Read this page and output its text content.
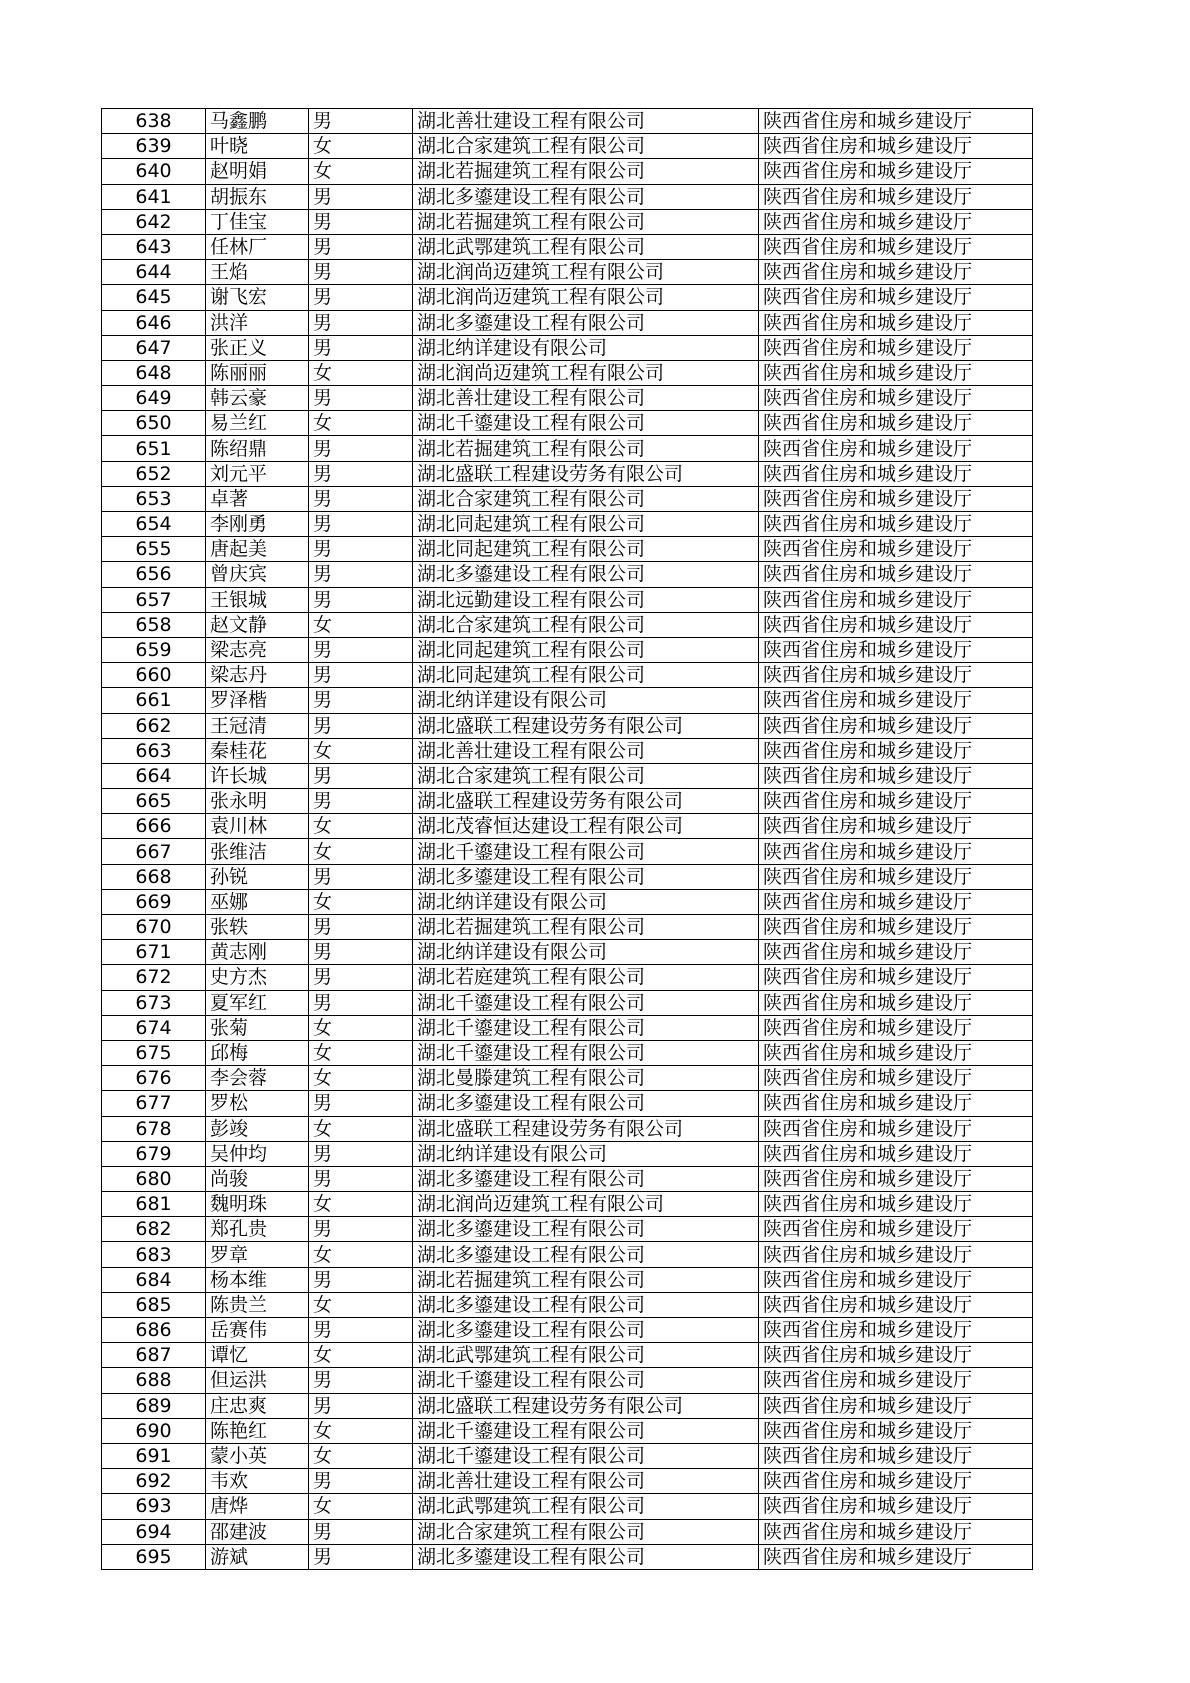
638	马鑫鹏	男	湖北善壮建设工程有限公司	陕西省住房和城乡建设厅
639	叶晓	女	湖北合家建筑工程有限公司	陕西省住房和城乡建设厅
640	赵明娟	女	湖北若掘建筑工程有限公司	陕西省住房和城乡建设厅
641	胡振东	男	湖北多鎏建设工程有限公司	陕西省住房和城乡建设厅
642	丁佳宝	男	湖北若掘建筑工程有限公司	陕西省住房和城乡建设厅
643	任林厂	男	湖北武鄂建筑工程有限公司	陕西省住房和城乡建设厅
644	王焰	男	湖北润尚迈建筑工程有限公司	陕西省住房和城乡建设厅
645	谢飞宏	男	湖北润尚迈建筑工程有限公司	陕西省住房和城乡建设厅
646	洪洋	男	湖北多鎏建设工程有限公司	陕西省住房和城乡建设厅
647	张正义	男	湖北纳详建设有限公司	陕西省住房和城乡建设厅
648	陈丽丽	女	湖北润尚迈建筑工程有限公司	陕西省住房和城乡建设厅
649	韩云豪	男	湖北善壮建设工程有限公司	陕西省住房和城乡建设厅
650	易兰红	女	湖北千鎏建设工程有限公司	陕西省住房和城乡建设厅
651	陈绍鼎	男	湖北若掘建筑工程有限公司	陕西省住房和城乡建设厅
652	刘元平	男	湖北盛联工程建设劳务有限公司	陕西省住房和城乡建设厅
653	卓著	男	湖北合家建筑工程有限公司	陕西省住房和城乡建设厅
654	李刚勇	男	湖北同起建筑工程有限公司	陕西省住房和城乡建设厅
655	唐起美	男	湖北同起建筑工程有限公司	陕西省住房和城乡建设厅
656	曾庆宾	男	湖北多鎏建设工程有限公司	陕西省住房和城乡建设厅
657	王银城	男	湖北远勤建设工程有限公司	陕西省住房和城乡建设厅
658	赵文静	女	湖北合家建筑工程有限公司	陕西省住房和城乡建设厅
659	梁志亮	男	湖北同起建筑工程有限公司	陕西省住房和城乡建设厅
660	梁志丹	男	湖北同起建筑工程有限公司	陕西省住房和城乡建设厅
661	罗泽楷	男	湖北纳详建设有限公司	陕西省住房和城乡建设厅
662	王冠清	男	湖北盛联工程建设劳务有限公司	陕西省住房和城乡建设厅
663	秦桂花	女	湖北善壮建设工程有限公司	陕西省住房和城乡建设厅
664	许长城	男	湖北合家建筑工程有限公司	陕西省住房和城乡建设厅
665	张永明	男	湖北盛联工程建设劳务有限公司	陕西省住房和城乡建设厅
666	袁川林	女	湖北茂睿恒达建设工程有限公司	陕西省住房和城乡建设厅
667	张维洁	女	湖北千鎏建设工程有限公司	陕西省住房和城乡建设厅
668	孙锐	男	湖北多鎏建设工程有限公司	陕西省住房和城乡建设厅
669	巫娜	女	湖北纳详建设有限公司	陕西省住房和城乡建设厅
670	张轶	男	湖北若掘建筑工程有限公司	陕西省住房和城乡建设厅
671	黄志刚	男	湖北纳详建设有限公司	陕西省住房和城乡建设厅
672	史方杰	男	湖北若庭建筑工程有限公司	陕西省住房和城乡建设厅
673	夏军红	男	湖北千鎏建设工程有限公司	陕西省住房和城乡建设厅
674	张菊	女	湖北千鎏建设工程有限公司	陕西省住房和城乡建设厅
675	邱梅	女	湖北千鎏建设工程有限公司	陕西省住房和城乡建设厅
676	李会蓉	女	湖北曼滕建筑工程有限公司	陕西省住房和城乡建设厅
677	罗松	男	湖北多鎏建设工程有限公司	陕西省住房和城乡建设厅
678	彭竣	女	湖北盛联工程建设劳务有限公司	陕西省住房和城乡建设厅
679	吴仲均	男	湖北纳详建设有限公司	陕西省住房和城乡建设厅
680	尚骏	男	湖北多鎏建设工程有限公司	陕西省住房和城乡建设厅
681	魏明珠	女	湖北润尚迈建筑工程有限公司	陕西省住房和城乡建设厅
682	郑孔贵	男	湖北多鎏建设工程有限公司	陕西省住房和城乡建设厅
683	罗章	女	湖北多鎏建设工程有限公司	陕西省住房和城乡建设厅
684	杨本维	男	湖北若掘建筑工程有限公司	陕西省住房和城乡建设厅
685	陈贵兰	女	湖北多鎏建设工程有限公司	陕西省住房和城乡建设厅
686	岳赛伟	男	湖北多鎏建设工程有限公司	陕西省住房和城乡建设厅
687	谭忆	女	湖北武鄂建筑工程有限公司	陕西省住房和城乡建设厅
688	但运洪	男	湖北千鎏建设工程有限公司	陕西省住房和城乡建设厅
689	庄忠爽	男	湖北盛联工程建设劳务有限公司	陕西省住房和城乡建设厅
690	陈艳红	女	湖北千鎏建设工程有限公司	陕西省住房和城乡建设厅
691	蒙小英	女	湖北千鎏建设工程有限公司	陕西省住房和城乡建设厅
692	韦欢	男	湖北善壮建设工程有限公司	陕西省住房和城乡建设厅
693	唐烨	女	湖北武鄂建筑工程有限公司	陕西省住房和城乡建设厅
694	邵建波	男	湖北合家建筑工程有限公司	陕西省住房和城乡建设厅
695	游斌	男	湖北多鎏建设工程有限公司	陕西省住房和城乡建设厅
